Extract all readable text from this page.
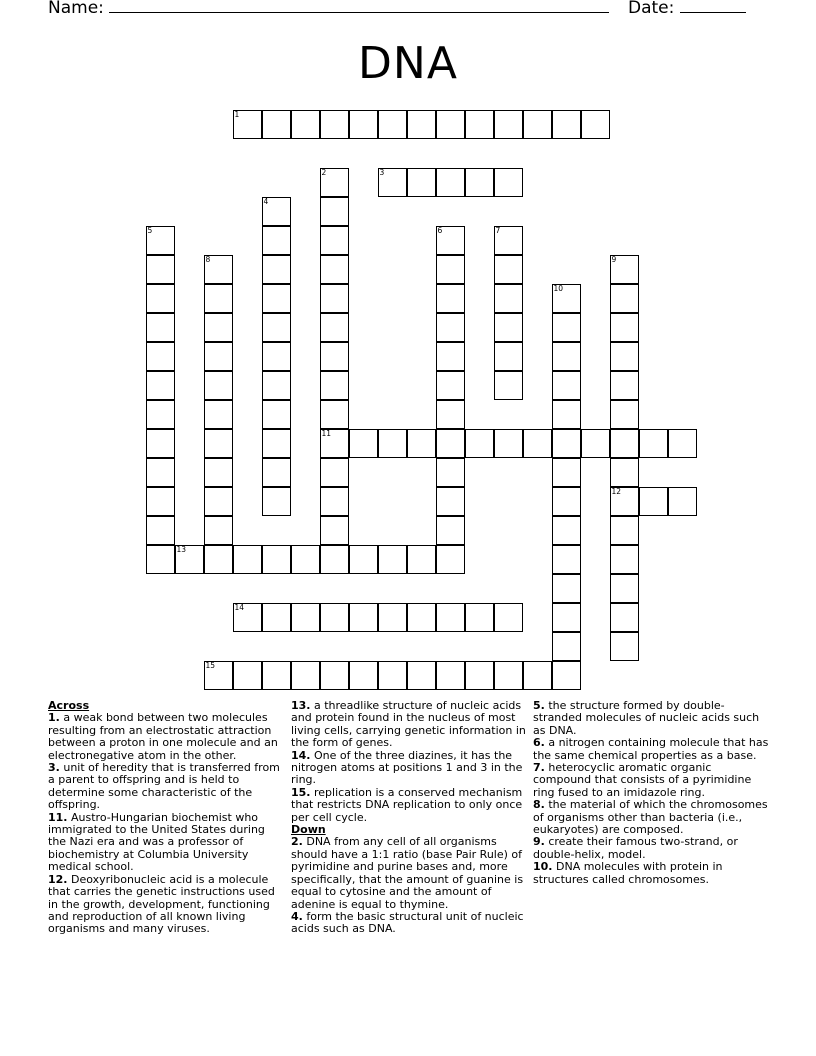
Name:	Date:
DNA
1
2
11
3
4
5	6	7
8	9
12
10
13
14
15

Across

1. a weak bond between two molecules resulting from an electrostatic attraction between a proton in one molecule and an electronegative atom in the other.

3. unit of heredity that is transferred from a parent to offspring and is held to determine some characteristic of the offspring.

11. Austro-Hungarian biochemist who immigrated to the United States during the Nazi era and was a professor of biochemistry at Columbia University medical school.

12. Deoxyribonucleic acid is a molecule that carries the genetic instructions used in the growth, development, functioning and reproduction of all known living organisms and many viruses.

13. a threadlike structure of nucleic acids and protein found in the nucleus of most living cells, carrying genetic information in the form of genes.

14. One of the three diazines, it has the nitrogen atoms at positions 1 and 3 in the ring.

15. replication is a conserved mechanism that restricts DNA replication to only once per cell cycle.

Down

2. DNA from any cell of all organisms should have a 1:1 ratio (base Pair Rule) of pyrimidine and purine bases and, more specifically, that the amount of guanine is equal to cytosine and the amount of adenine is equal to thymine.

4. form the basic structural unit of nucleic acids such as DNA.

5. the structure formed by double-stranded molecules of nucleic acids such as DNA.

6. a nitrogen containing molecule that has the same chemical properties as a base.

7. heterocyclic aromatic organic compound that consists of a pyrimidine ring fused to an imidazole ring.

8. the material of which the chromosomes of organisms other than bacteria (i.e., eukaryotes) are composed.

9. create their famous two-strand, or double-helix, model.

10. DNA molecules with protein in structures called chromosomes.
